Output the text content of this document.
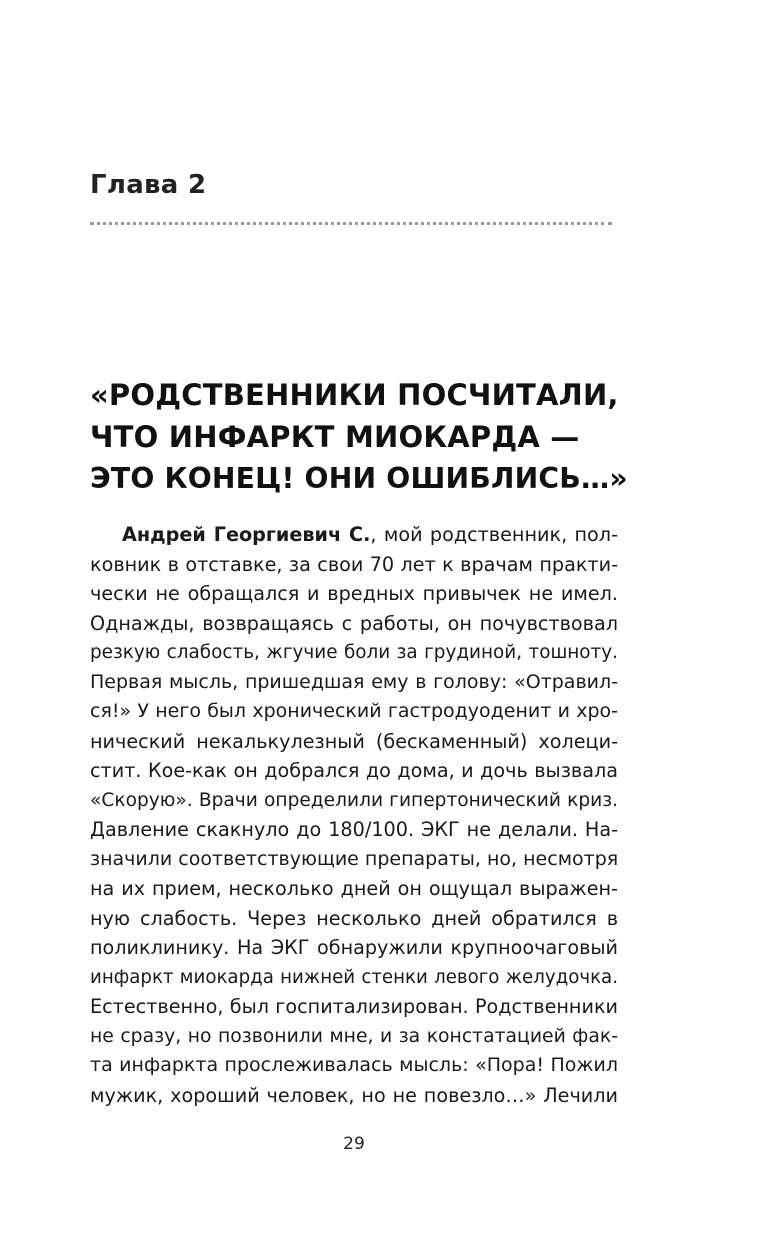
Глава 2
«РОДСТВЕННИКИ ПОСЧИТАЛИ,
ЧТО ИНФАРКТ МИОКАРДА —
ЭТО КОНЕЦ! ОНИ ОШИБЛИСЬ…»
Андрей Георгиевич С., мой родственник, пол-
ковник в отставке, за свои 70 лет к врачам практи-
чески не обращался и вредных привычек не имел.
Однажды, возвращаясь с работы, он почувствовал
резкую слабость, жгучие боли за грудиной, тошноту.
Первая мысль, пришедшая ему в голову: «Отравил-
ся!» У него был хронический гастродуоденит и хро-
нический некалькулезный (бескаменный) холеци-
стит. Кое-как он добрался до дома, и дочь вызвала
«Скорую». Врачи определили гипертонический криз.
Давление скакнуло до 180/100. ЭКГ не делали. На-
значили соответствующие препараты, но, несмотря
на их прием, несколько дней он ощущал выражен-
ную слабость. Через несколько дней обратился в
поликлинику. На ЭКГ обнаружили крупноочаговый
инфаркт миокарда нижней стенки левого желудочка.
Естественно, был госпитализирован. Родственники
не сразу, но позвонили мне, и за констатацией фак-
та инфаркта прослеживалась мысль: «Пора! Пожил
мужик, хороший человек, но не повезло…» Лечили
29
